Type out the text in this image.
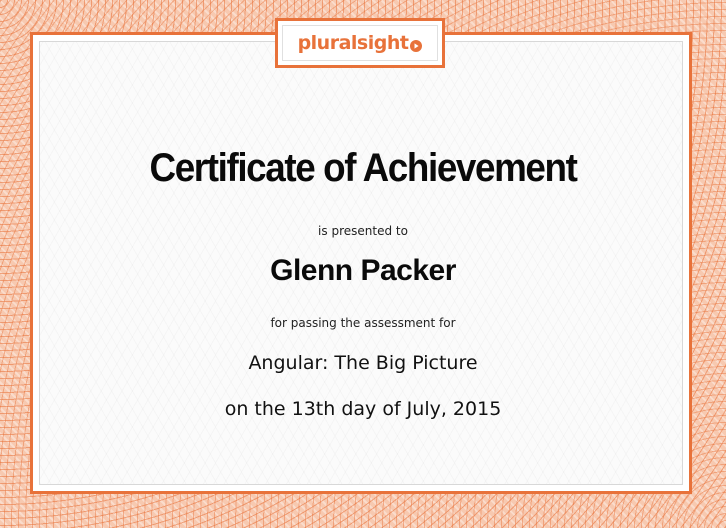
pluralsight
Certificate of Achievement
is presented to
Glenn Packer
for passing the assessment for
Angular: The Big Picture
on the 13th day of July, 2015
